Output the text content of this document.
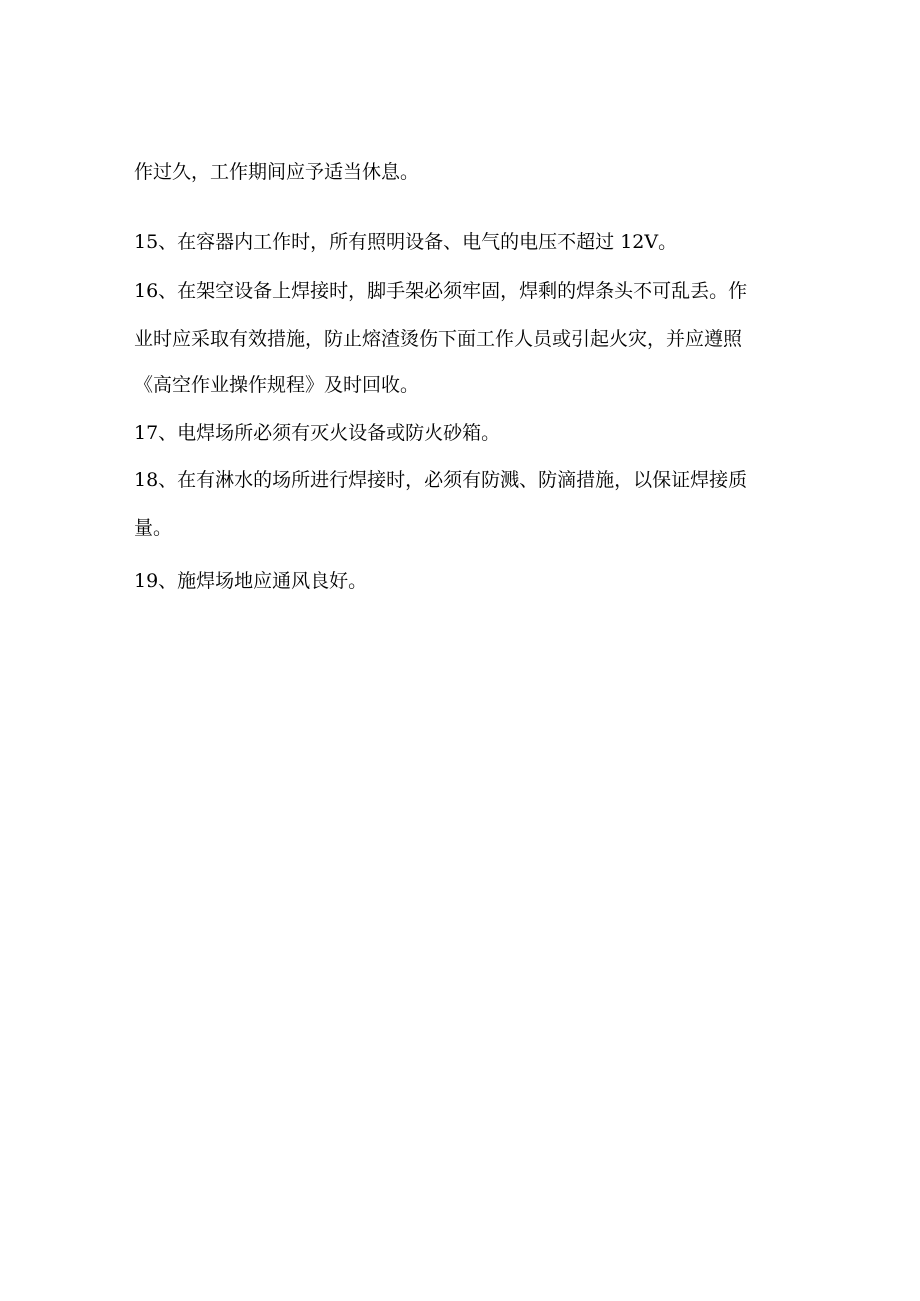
作过久，工作期间应予适当休息。
15、在容器内工作时，所有照明设备、电气的电压不超过 12V。
16、在架空设备上焊接时，脚手架必须牢固，焊剩的焊条头不可乱丢。作
业时应采取有效措施，防止熔渣烫伤下面工作人员或引起火灾，并应遵照
《高空作业操作规程》及时回收。
17、电焊场所必须有灭火设备或防火砂箱。
18、在有淋水的场所进行焊接时，必须有防溅、防滴措施，以保证焊接质
量。
19、施焊场地应通风良好。
